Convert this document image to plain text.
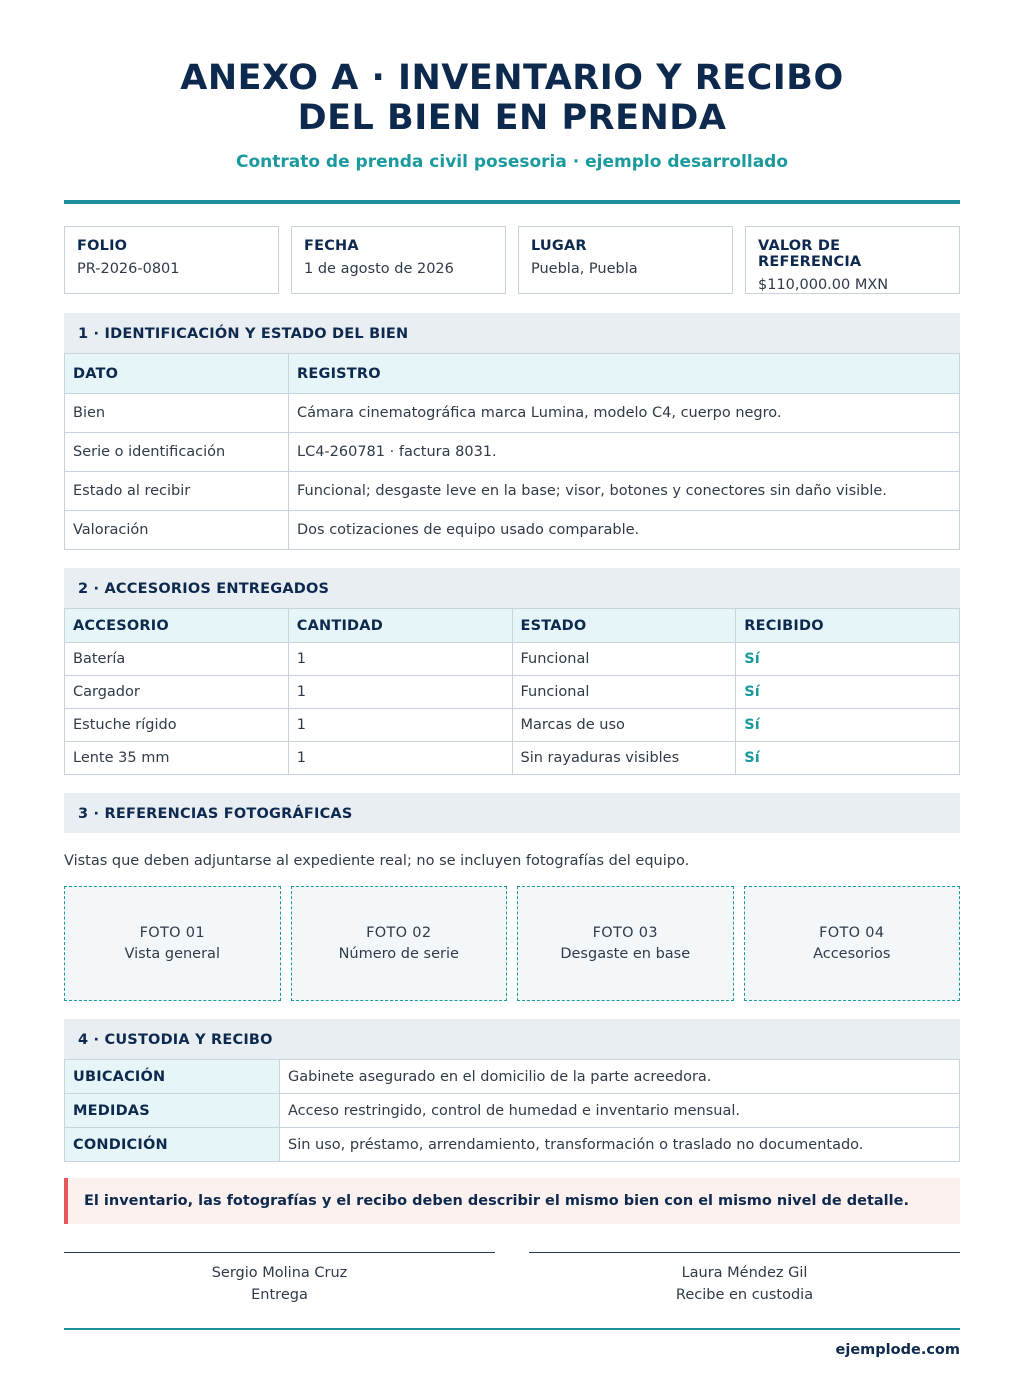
ANEXO A · INVENTARIO Y RECIBO
DEL BIEN EN PRENDA
Contrato de prenda civil posesoria · ejemplo desarrollado
FOLIO
PR-2026-0801
FECHA
1 de agosto de 2026
LUGAR
Puebla, Puebla
VALOR DE REFERENCIA
$110,000.00 MXN
1 · IDENTIFICACIÓN Y ESTADO DEL BIEN
DATO	REGISTRO
Bien	Cámara cinematográfica marca Lumina, modelo C4, cuerpo negro.
Serie o identificación	LC4-260781 · factura 8031.
Estado al recibir	Funcional; desgaste leve en la base; visor, botones y conectores sin daño visible.
Valoración	Dos cotizaciones de equipo usado comparable.
2 · ACCESORIOS ENTREGADOS
ACCESORIO	CANTIDAD	ESTADO	RECIBIDO
Batería	1	Funcional	Sí
Cargador	1	Funcional	Sí
Estuche rígido	1	Marcas de uso	Sí
Lente 35 mm	1	Sin rayaduras visibles	Sí
3 · REFERENCIAS FOTOGRÁFICAS
Vistas que deben adjuntarse al expediente real; no se incluyen fotografías del equipo.
FOTO 01
Vista general
FOTO 02
Número de serie
FOTO 03
Desgaste en base
FOTO 04
Accesorios
4 · CUSTODIA Y RECIBO
UBICACIÓN	Gabinete asegurado en el domicilio de la parte acreedora.
MEDIDAS	Acceso restringido, control de humedad e inventario mensual.
CONDICIÓN	Sin uso, préstamo, arrendamiento, transformación o traslado no documentado.
El inventario, las fotografías y el recibo deben describir el mismo bien con el mismo nivel de detalle.
Sergio Molina Cruz
Entrega
Laura Méndez Gil
Recibe en custodia
ejemplode.com
